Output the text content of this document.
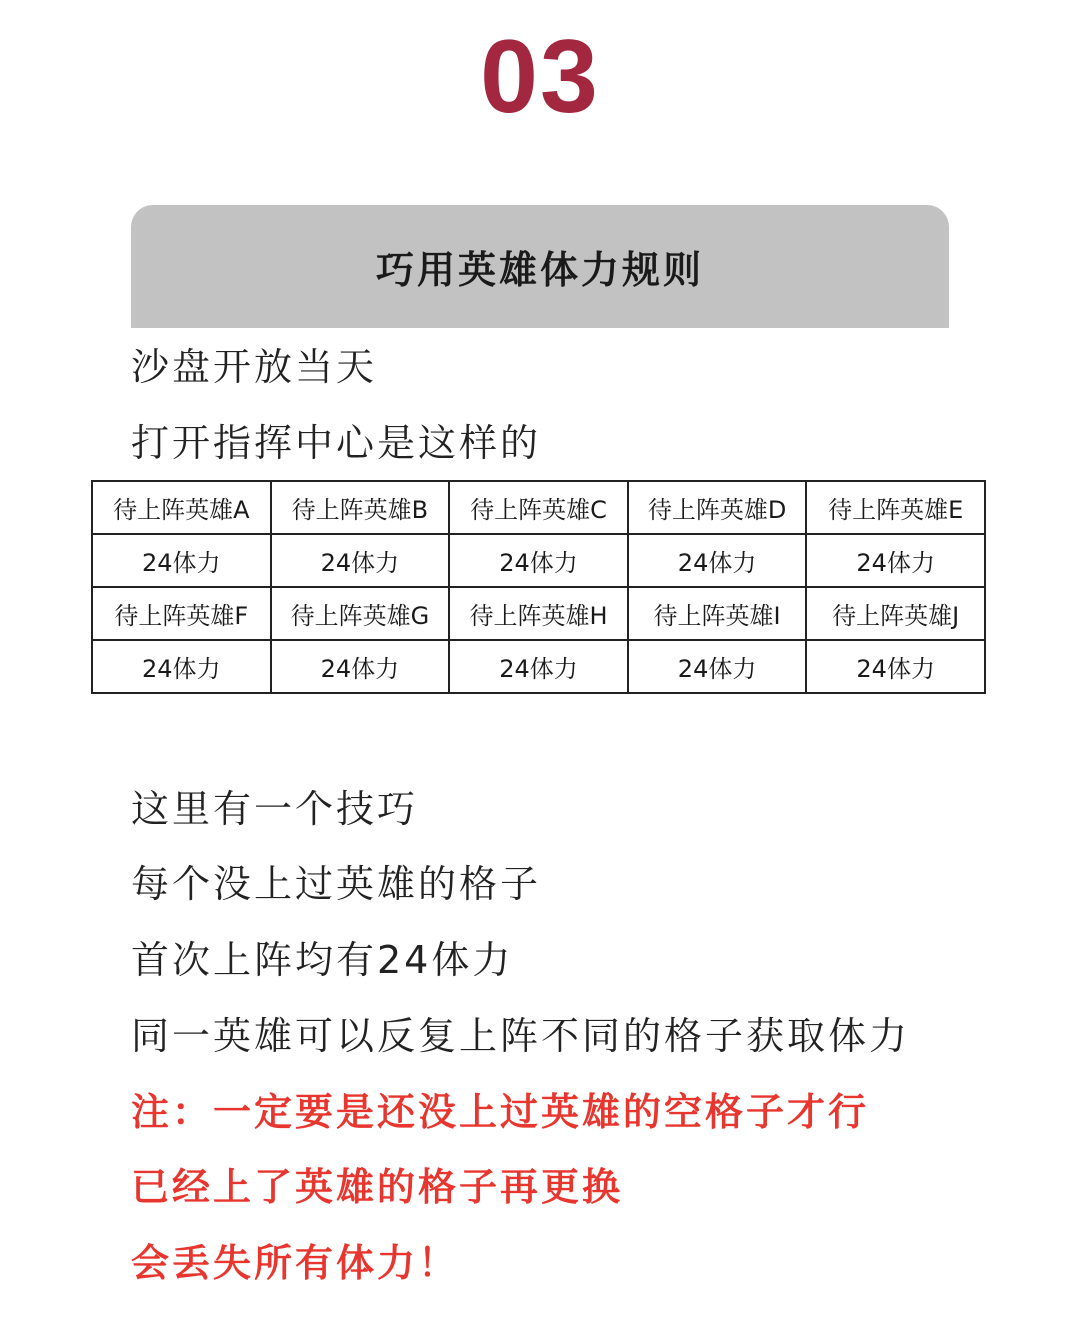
03
巧用英雄体力规则

沙盘开放当天

打开指挥中心是这样的

待上阵英雄A	待上阵英雄B	待上阵英雄C	待上阵英雄D	待上阵英雄E
24体力	24体力	24体力	24体力	24体力
待上阵英雄F	待上阵英雄G	待上阵英雄H	待上阵英雄I	待上阵英雄J
24体力	24体力	24体力	24体力	24体力

这里有一个技巧

每个没上过英雄的格子

首次上阵均有24体力

同一英雄可以反复上阵不同的格子获取体力

注：一定要是还没上过英雄的空格子才行

已经上了英雄的格子再更换

会丢失所有体力！
